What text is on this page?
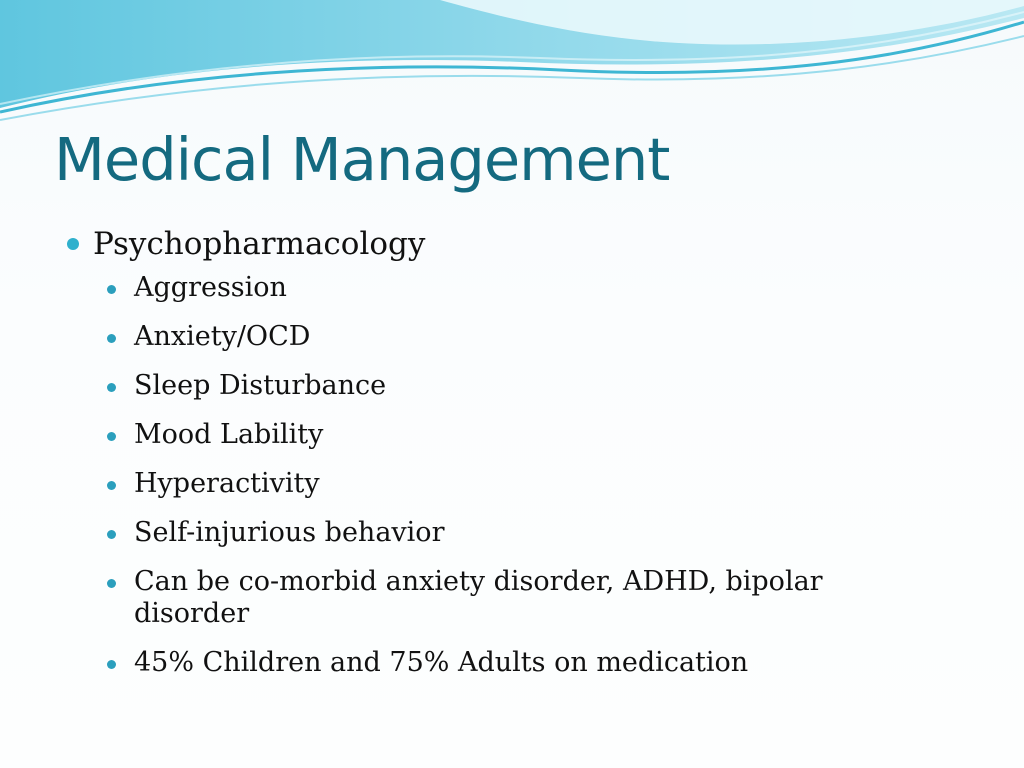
Medical Management
Psychopharmacology
Aggression
Anxiety/OCD
Sleep Disturbance
Mood Lability
Hyperactivity
Self-injurious behavior
Can be co-morbid anxiety disorder, ADHD, bipolar disorder
45% Children and 75% Adults on medication
